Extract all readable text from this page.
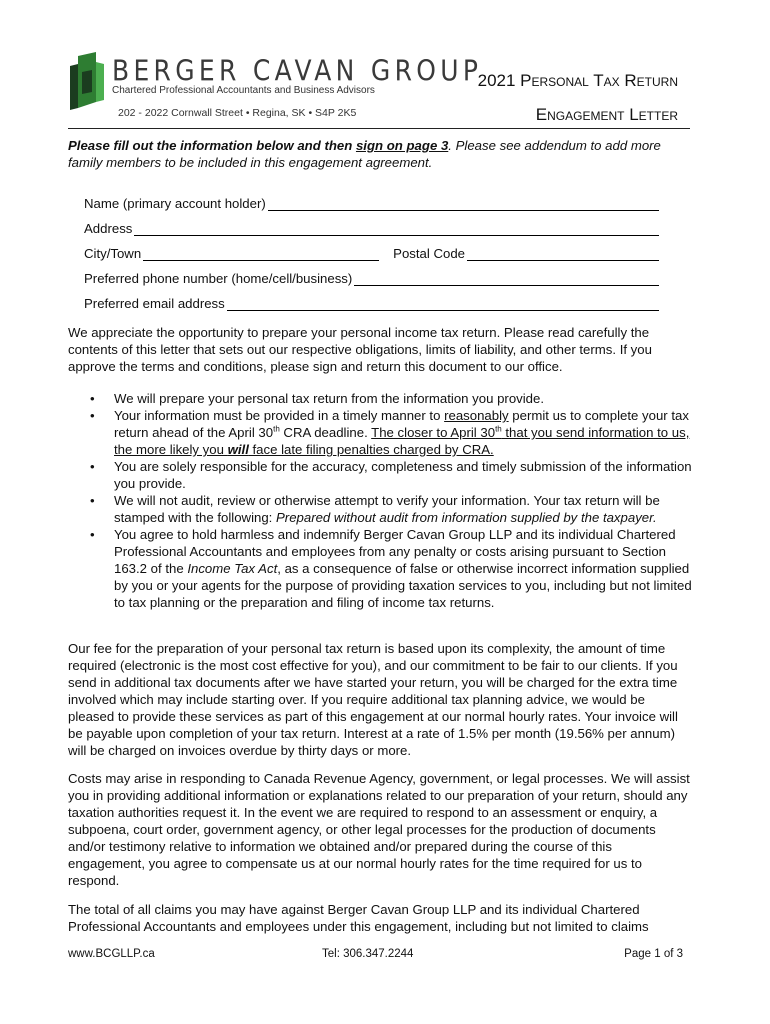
BERGER CAVAN GROUP
Chartered Professional Accountants and Business Advisors
202 - 2022 Cornwall Street • Regina, SK • S4P 2K5
2021 Personal Tax Return
Engagement Letter
Please fill out the information below and then sign on page 3. Please see addendum to add more family members to be included in this engagement agreement.
Name (primary account holder)
Address
City/Town	Postal Code
Preferred phone number (home/cell/business)
Preferred email address
We appreciate the opportunity to prepare your personal income tax return. Please read carefully the contents of this letter that sets out our respective obligations, limits of liability, and other terms. If you approve the terms and conditions, please sign and return this document to our office.
• We will prepare your personal tax return from the information you provide.
• Your information must be provided in a timely manner to reasonably permit us to complete your tax return ahead of the April 30th CRA deadline. The closer to April 30th that you send information to us, the more likely you will face late filing penalties charged by CRA.
• You are solely responsible for the accuracy, completeness and timely submission of the information you provide.
• We will not audit, review or otherwise attempt to verify your information. Your tax return will be stamped with the following: Prepared without audit from information supplied by the taxpayer.
• You agree to hold harmless and indemnify Berger Cavan Group LLP and its individual Chartered Professional Accountants and employees from any penalty or costs arising pursuant to Section 163.2 of the Income Tax Act, as a consequence of false or otherwise incorrect information supplied by you or your agents for the purpose of providing taxation services to you, including but not limited to tax planning or the preparation and filing of income tax returns.
Our fee for the preparation of your personal tax return is based upon its complexity, the amount of time required (electronic is the most cost effective for you), and our commitment to be fair to our clients. If you send in additional tax documents after we have started your return, you will be charged for the extra time involved which may include starting over. If you require additional tax planning advice, we would be pleased to provide these services as part of this engagement at our normal hourly rates. Your invoice will be payable upon completion of your tax return. Interest at a rate of 1.5% per month (19.56% per annum) will be charged on invoices overdue by thirty days or more.
Costs may arise in responding to Canada Revenue Agency, government, or legal processes. We will assist you in providing additional information or explanations related to our preparation of your return, should any taxation authorities request it. In the event we are required to respond to an assessment or enquiry, a subpoena, court order, government agency, or other legal processes for the production of documents and/or testimony relative to information we obtained and/or prepared during the course of this engagement, you agree to compensate us at our normal hourly rates for the time required for us to respond.
The total of all claims you may have against Berger Cavan Group LLP and its individual Chartered Professional Accountants and employees under this engagement, including but not limited to claims
www.BCGLLP.ca	Tel: 306.347.2244	Page 1 of 3
